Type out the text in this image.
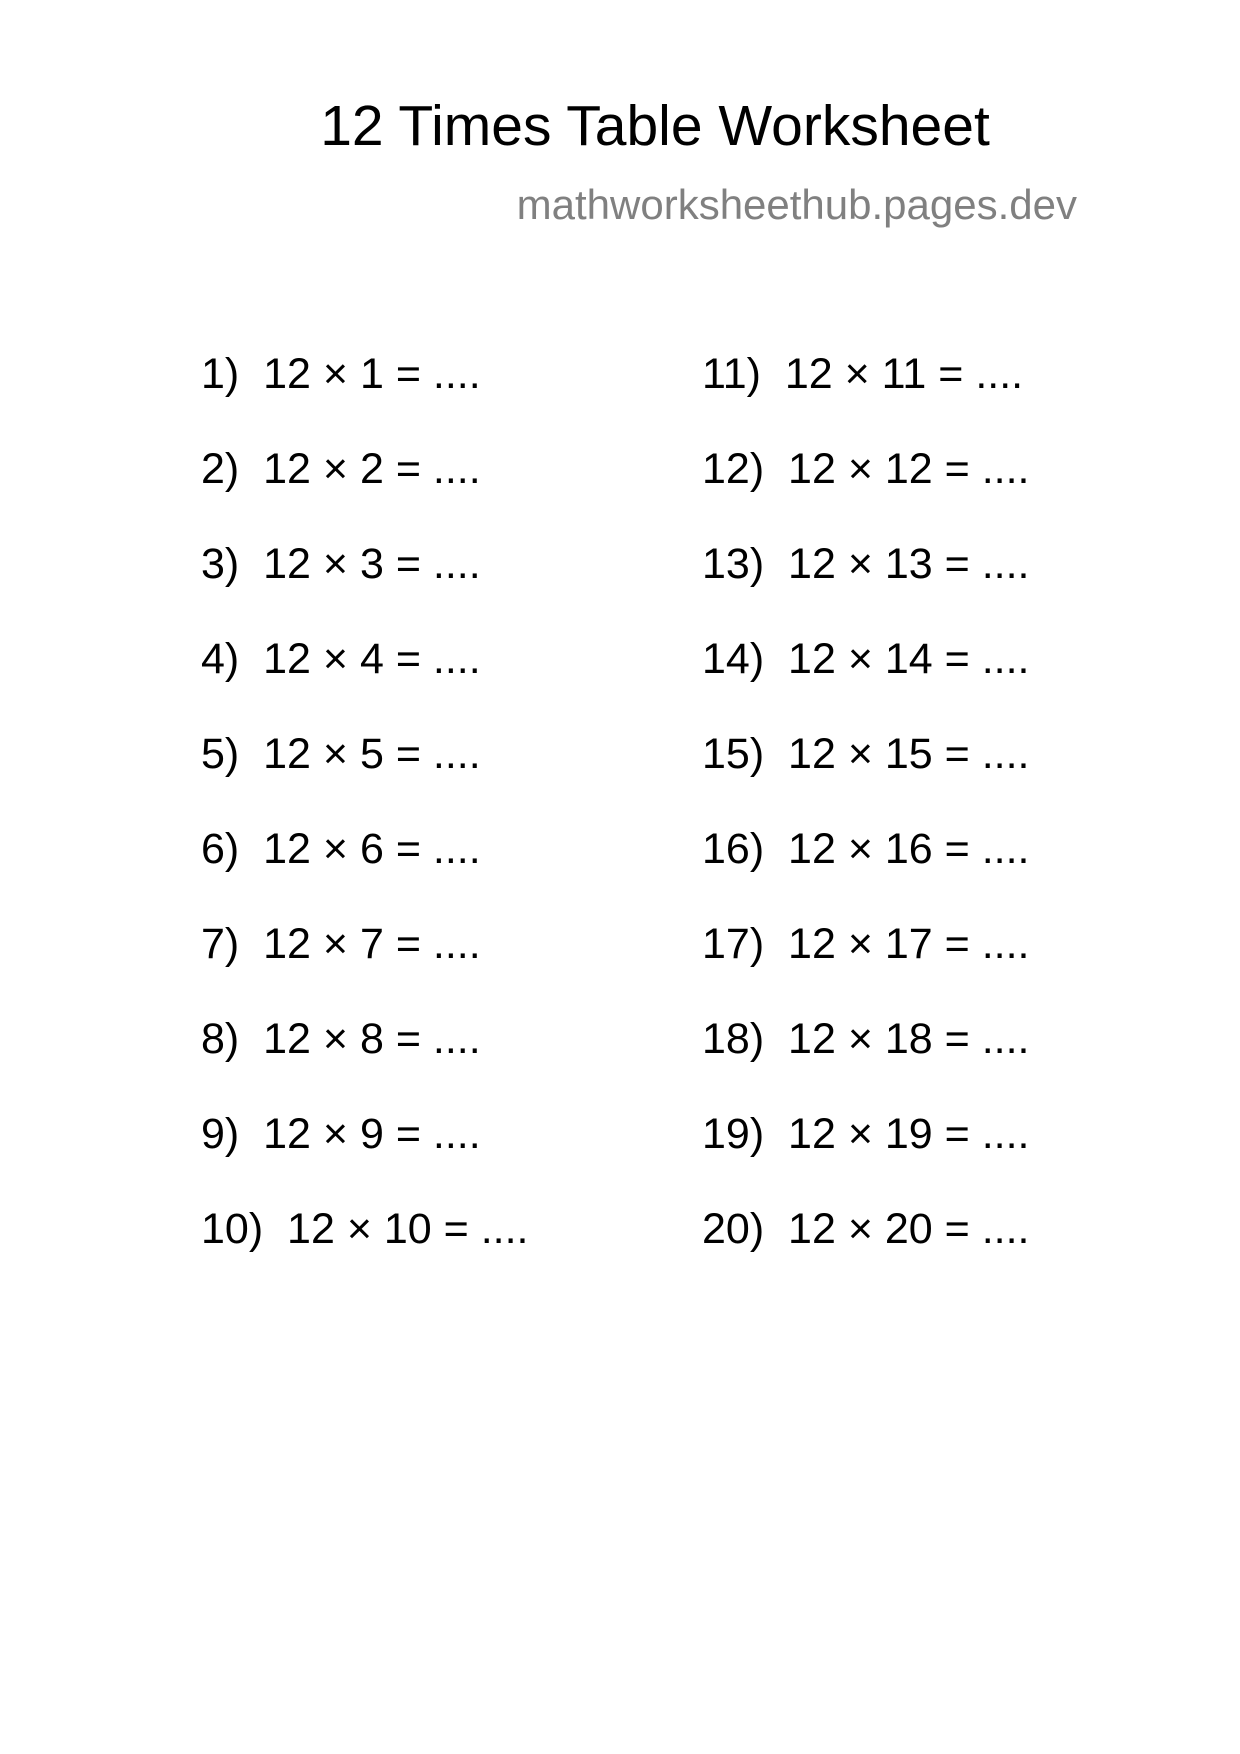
12 Times Table Worksheet
mathworksheethub.pages.dev
1)  12 × 1 = ....
2)  12 × 2 = ....
3)  12 × 3 = ....
4)  12 × 4 = ....
5)  12 × 5 = ....
6)  12 × 6 = ....
7)  12 × 7 = ....
8)  12 × 8 = ....
9)  12 × 9 = ....
10)  12 × 10 = ....
11)  12 × 11 = ....
12)  12 × 12 = ....
13)  12 × 13 = ....
14)  12 × 14 = ....
15)  12 × 15 = ....
16)  12 × 16 = ....
17)  12 × 17 = ....
18)  12 × 18 = ....
19)  12 × 19 = ....
20)  12 × 20 = ....
